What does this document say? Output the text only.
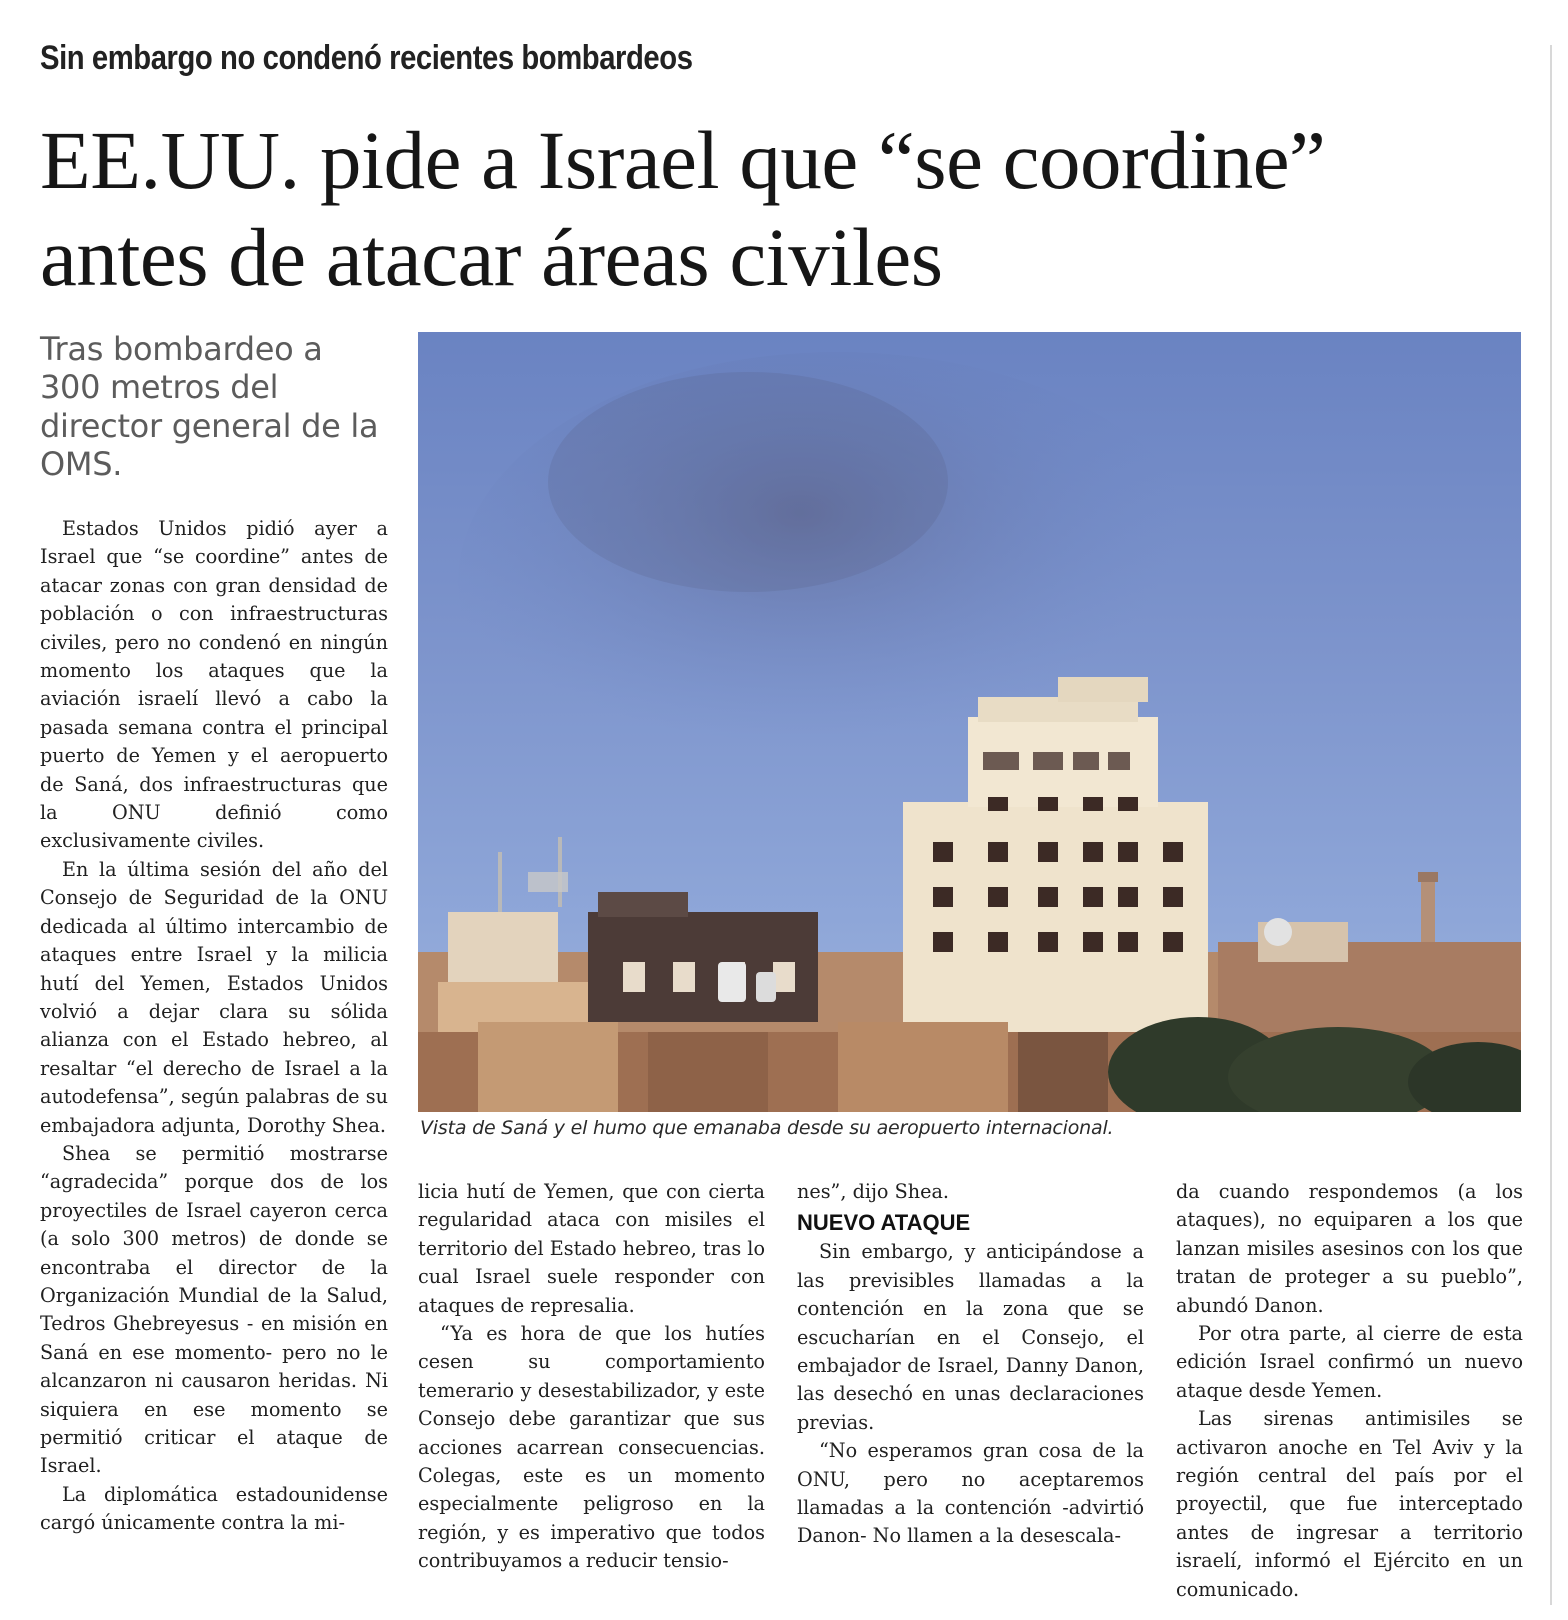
Sin embargo no condenó recientes bombardeos
EE.UU. pide a Israel que “se coordine”
antes de atacar áreas civiles
Tras bombardeo a 300 metros del director general de la OMS.
Vista de Saná y el humo que emanaba desde su aeropuerto internacional.

Estados Unidos pidió ayer a Israel que “se coordine” antes de atacar zonas con gran densidad de población o con infraestructuras civiles, pero no condenó en ningún momento los ataques que la aviación israelí llevó a cabo la pasada semana contra el principal puerto de Yemen y el aeropuerto de Saná, dos infraestructuras que la ONU definió como exclusivamente civiles.

En la última sesión del año del Consejo de Seguridad de la ONU dedicada al último intercambio de ataques entre Israel y la milicia hutí del Yemen, Estados Unidos volvió a dejar clara su sólida alianza con el Estado hebreo, al resaltar “el derecho de Israel a la autodefensa”, según palabras de su embajadora adjunta, Dorothy Shea.

Shea se permitió mostrarse “agradecida” porque dos de los proyectiles de Israel cayeron cerca (a solo 300 metros) de donde se encontraba el director de la Organización Mundial de la Salud, Tedros Ghebreyesus - en misión en Saná en ese momento- pero no le alcanzaron ni causaron heridas. Ni siquiera en ese momento se permitió criticar el ataque de Israel.

La diplomática estadounidense cargó únicamente contra la mi-

licia hutí de Yemen, que con cierta regularidad ataca con misiles el territorio del Estado hebreo, tras lo cual Israel suele responder con ataques de represalia.

“Ya es hora de que los hutíes cesen su comportamiento temerario y desestabilizador, y este Consejo debe garantizar que sus acciones acarrean consecuencias. Colegas, este es un momento especialmente peligroso en la región, y es imperativo que todos contribuyamos a reducir tensio-

nes”, dijo Shea.

NUEVO ATAQUE

Sin embargo, y anticipándose a las previsibles llamadas a la contención en la zona que se escucharían en el Consejo, el embajador de Israel, Danny Danon, las desechó en unas declaraciones previas.

“No esperamos gran cosa de la ONU, pero no aceptaremos llamadas a la contención -advirtió Danon- No llamen a la desescala-

da cuando respondemos (a los ataques), no equiparen a los que lanzan misiles asesinos con los que tratan de proteger a su pueblo”, abundó Danon.

Por otra parte, al cierre de esta edición Israel confirmó un nuevo ataque desde Yemen.

Las sirenas antimisiles se activaron anoche en Tel Aviv y la región central del país por el proyectil, que fue interceptado antes de ingresar a territorio israelí, informó el Ejército en un comunicado.
